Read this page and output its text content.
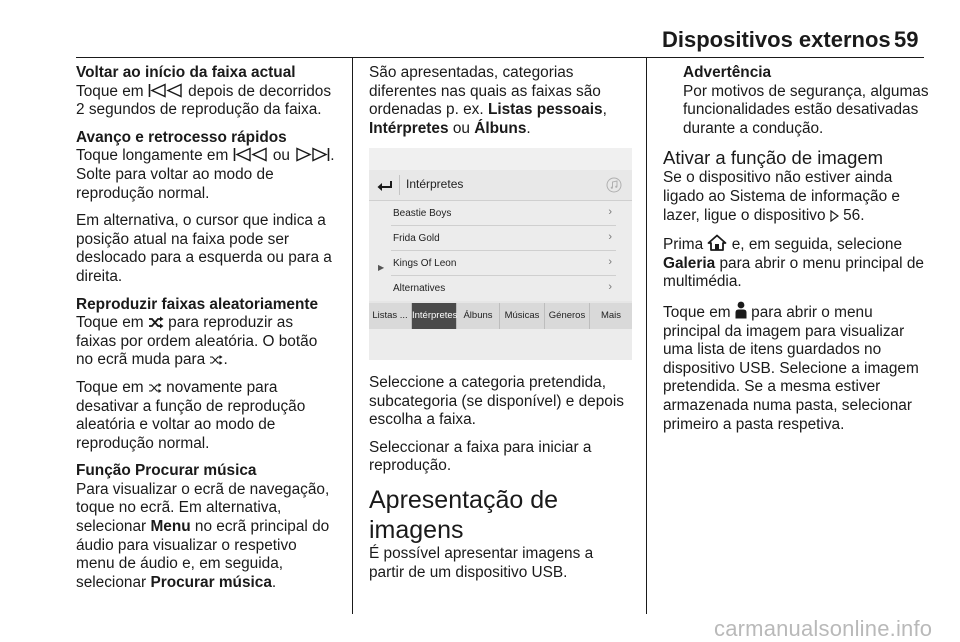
Dispositivos externos 59

Voltar ao início da faixa actual
Toque em
depois de decorridos
2 segundos de reprodução da faixa.

Avanço e retrocesso rápidos
Toque longamente em
ou
.
Solte para voltar ao modo de
reprodução normal.

Em alternativa, o cursor que indica a
posição atual na faixa pode ser
deslocado para a esquerda ou para a
direita.

Reproduzir faixas aleatoriamente
Toque em
para reproduzir as
faixas por ordem aleatória. O botão
no ecrã muda para
.

Toque em
novamente para
desativar a função de reprodução
aleatória e voltar ao modo de
reprodução normal.

Função Procurar música
Para visualizar o ecrã de navegação,
toque no ecrã. Em alternativa,
selecionar Menu no ecrã principal do
áudio para visualizar o respetivo
menu de áudio e, em seguida,
selecionar Procurar música.

São apresentadas, categorias
diferentes nas quais as faixas são
ordenadas p. ex. Listas pessoais,
Intérpretes ou Álbuns.

Intérpretes
▶
Beastie Boys	›
Frida Gold	›
Kings Of Leon	›
Alternatives	›
Listas ... Intérpretes Álbuns	Músicas Géneros	Mais

Seleccione a categoria pretendida,
subcategoria (se disponível) e depois
escolha a faixa.

Seleccionar a faixa para iniciar a
reprodução.

Apresentação de imagens

É possível apresentar imagens a
partir de um dispositivo USB.

Advertência
Por motivos de segurança, algumas
funcionalidades estão desativadas
durante a condução.

Ativar a função de imagem

Se o dispositivo não estiver ainda
ligado ao Sistema de informação e
lazer, ligue o dispositivo
56.

Prima
e, em seguida, selecione
Galeria para abrir o menu principal de
multimédia.

Toque em
para abrir o menu
principal da imagem para visualizar
uma lista de itens guardados no
dispositivo USB. Selecione a imagem
pretendida. Se a mesma estiver
armazenada numa pasta, selecionar
primeiro a pasta respetiva.

carmanualsonline.info
